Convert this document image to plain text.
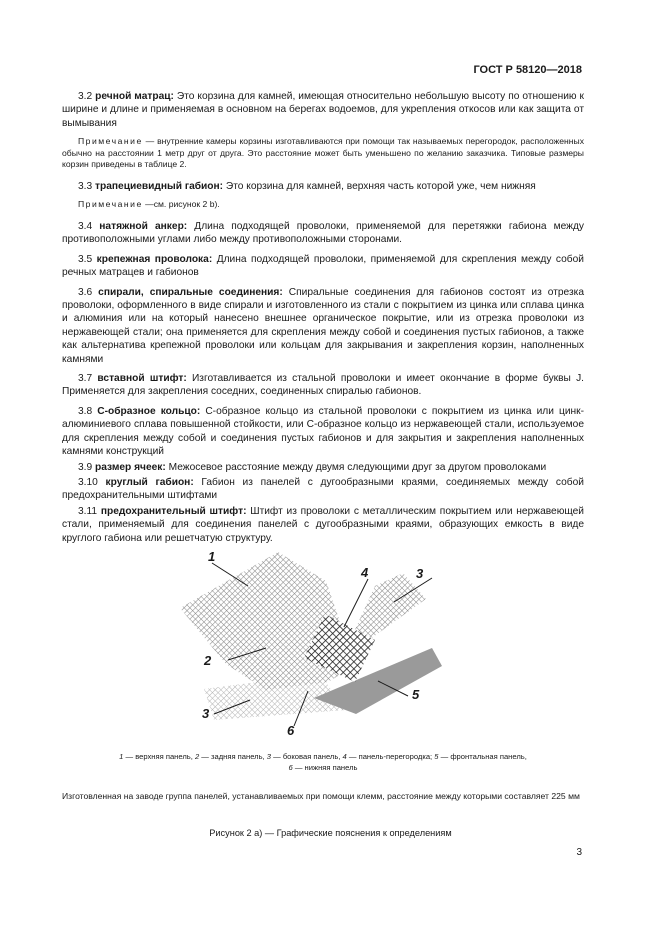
ГОСТ Р 58120—2018

3.2 речной матрац: Это корзина для камней, имеющая относительно небольшую высоту по отношению к ширине и длине и применяемая в основном на берегах водоемов, для укрепления откосов или как защита от вымывания

Примечание — внутренние камеры корзины изготавливаются при помощи так называемых перегородок, расположенных обычно на расстоянии 1 метр друг от друга. Это расстояние может быть уменьшено по желанию заказчика. Типовые размеры корзин приведены в таблице 2.

3.3 трапециевидный габион: Это корзина для камней, верхняя часть которой уже, чем нижняя

Примечание —см. рисунок 2 b).

3.4 натяжной анкер: Длина подходящей проволоки, применяемой для перетяжки габиона между противоположными углами либо между противоположными сторонами.

3.5 крепежная проволока: Длина подходящей проволоки, применяемой для скрепления между собой речных матрацев и габионов

3.6 спирали, спиральные соединения: Спиральные соединения для габионов состоят из отрезка проволоки, оформленного в виде спирали и изготовленного из стали с покрытием из цинка или сплава цинка и алюминия или на который нанесено внешнее органическое покрытие, или из отрезка проволоки из нержавеющей стали; она применяется для скрепления между собой и соединения пустых габионов, а также как альтернатива крепежной проволоки или кольцам для закрывания и закрепления корзин, наполненных камнями

3.7 вставной штифт: Изготавливается из стальной проволоки и имеет окончание в форме буквы J. Применяется для закрепления соседних, соединенных спиралью габионов.

3.8 С-образное кольцо: С-образное кольцо из стальной проволоки с покрытием из цинка или цинк-алюминиевого сплава повышенной стойкости, или С-образное кольцо из нержавеющей стали, используемое для скрепления между собой и соединения пустых габионов и для закрытия и закрепления наполненных камнями конструкций

3.9 размер ячеек: Межосевое расстояние между двумя следующими друг за другом проволоками

3.10 круглый габион: Габион из панелей с дугообразными краями, соединяемых между собой предохранительными штифтами

3.11 предохранительный штифт: Штифт из проволоки с металлическим покрытием или нержавеющей стали, применяемый для соединения панелей с дугообразными краями, образующих емкость в виде круглого габиона или решетчатую структуру.

1
2
3
4	3
5
6
1 — верхняя панель, 2 — задняя панель, 3 — боковая панель, 4 — панель-перегородка; 5 — фронтальная панель,
6 — нижняя панель
Изготовленная на заводе группа панелей, устанавливаемых при помощи клемм, расстояние между которыми составляет 225 мм
Рисунок 2 a) — Графические пояснения к определениям
3
